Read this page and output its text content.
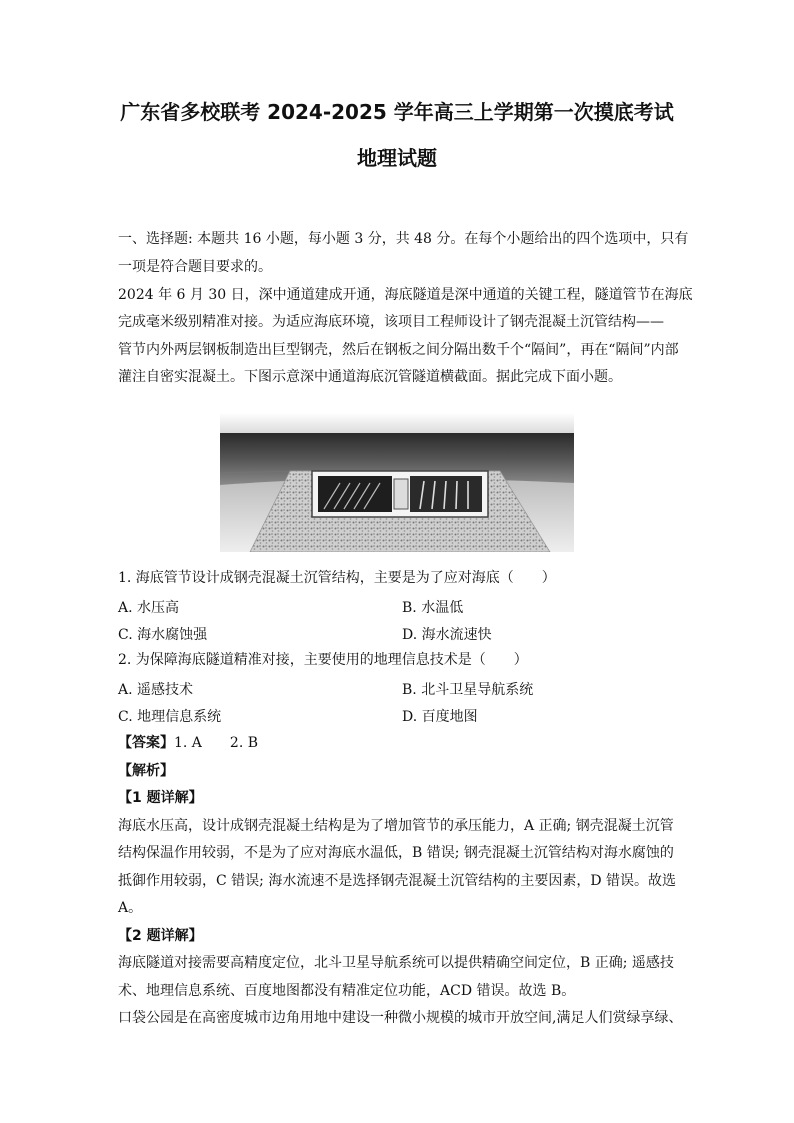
广东省多校联考 2024-2025 学年高三上学期第一次摸底考试
地理试题
一、选择题: 本题共 16 小题，每小题 3 分，共 48 分。在每个小题给出的四个选项中，只有
一项是符合题目要求的。
2024 年 6 月 30 日，深中通道建成开通，海底隧道是深中通道的关键工程，隧道管节在海底
完成毫米级别精准对接。为适应海底环境，该项目工程师设计了钢壳混凝土沉管结构——
管节内外两层钢板制造出巨型钢壳，然后在钢板之间分隔出数千个“隔间”，再在“隔间”内部
灌注自密实混凝土。下图示意深中通道海底沉管隧道横截面。据此完成下面小题。
1. 海底管节设计成钢壳混凝土沉管结构，主要是为了应对海底（　　）
A. 水压高	B. 水温低
C. 海水腐蚀强	D. 海水流速快
2. 为保障海底隧道精准对接，主要使用的地理信息技术是（　　）
A. 遥感技术	B. 北斗卫星导航系统
C. 地理信息系统	D. 百度地图
【答案】1. A　　2. B
【解析】
【1 题详解】
海底水压高，设计成钢壳混凝土结构是为了增加管节的承压能力，A 正确; 钢壳混凝土沉管
结构保温作用较弱，不是为了应对海底水温低，B 错误; 钢壳混凝土沉管结构对海水腐蚀的
抵御作用较弱，C 错误; 海水流速不是选择钢壳混凝土沉管结构的主要因素，D 错误。故选
A。
【2 题详解】
海底隧道对接需要高精度定位，北斗卫星导航系统可以提供精确空间定位，B 正确; 遥感技
术、地理信息系统、百度地图都没有精准定位功能，ACD 错误。故选 B。
口袋公园是在高密度城市边角用地中建设一种微小规模的城市开放空间,满足人们赏绿享绿、
